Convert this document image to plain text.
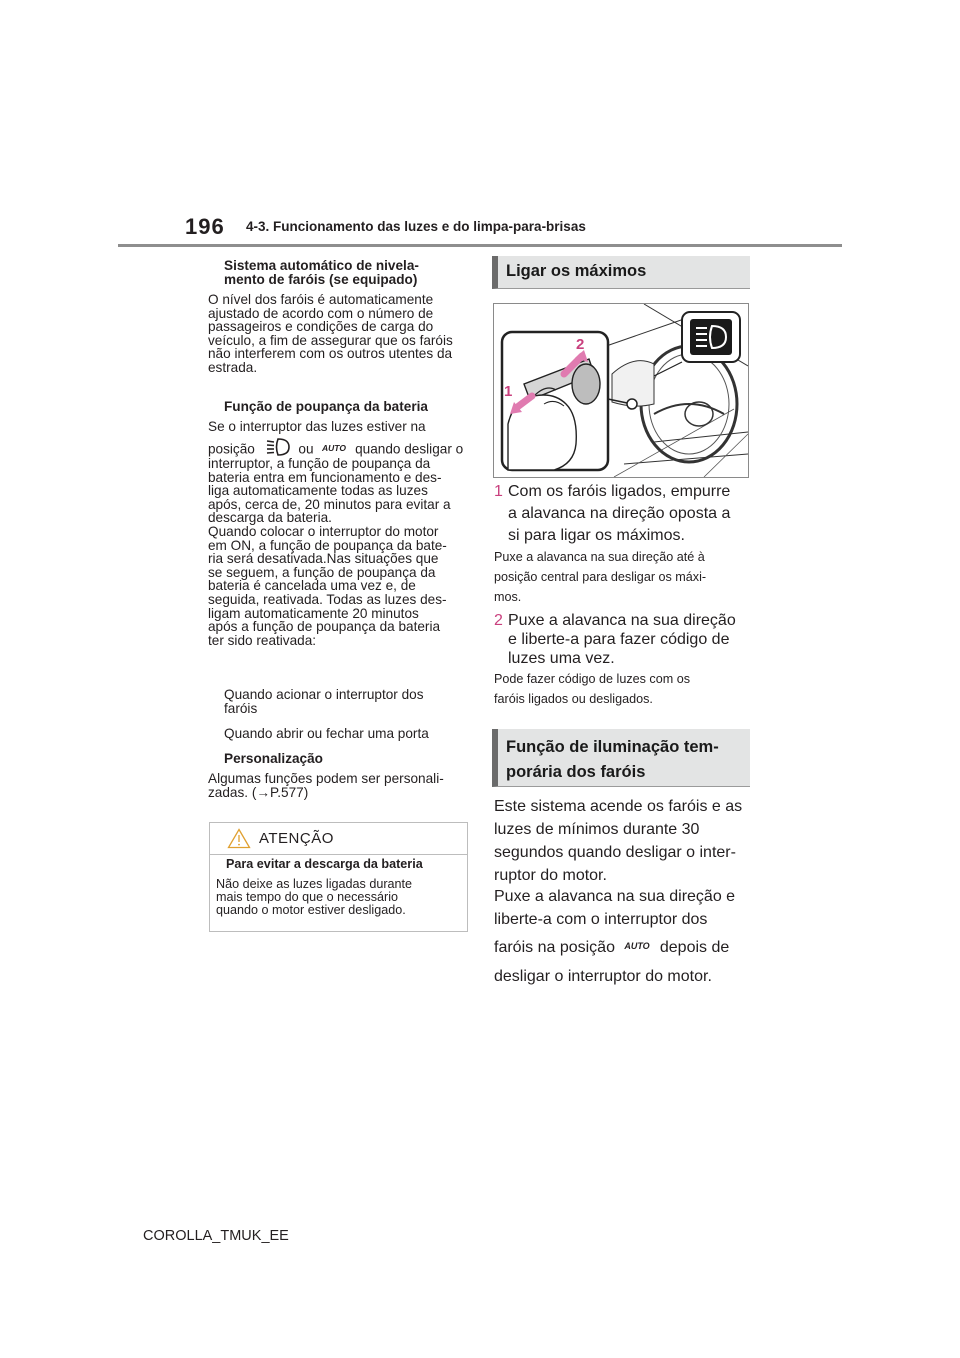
196 4-3. Funcionamento das luzes e do limpa-para-brisas
Sistema automático de nivela-
mento de faróis (se equipado)
O nível dos faróis é automaticamente
ajustado de acordo com o número de
passageiros e condições de carga do
veículo, a fim de assegurar que os faróis
não interferem com os outros utentes da
estrada.
Função de poupança da bateria
Se o interruptor das luzes estiver na
posição	ou AUTO quando desligar o
interruptor, a função de poupança da
bateria entra em funcionamento e des-
liga automaticamente todas as luzes
após, cerca de, 20 minutos para evitar a
descarga da bateria.
Quando colocar o interruptor do motor
em ON, a função de poupança da bate-
ria será desativada.Nas situações que
se seguem, a função de poupança da
bateria é cancelada uma vez e, de
seguida, reativada. Todas as luzes des-
ligam automaticamente 20 minutos
após a função de poupança da bateria
ter sido reativada:
Quando acionar o interruptor dos
faróis
Quando abrir ou fechar uma porta
Personalização
Algumas funções podem ser personali-
zadas. (→P.577)
ATENÇÃO
Para evitar a descarga da bateria
Não deixe as luzes ligadas durante
mais tempo do que o necessário
quando o motor estiver desligado.
Ligar os máximos
2
1
1 Com os faróis ligados, empurre
a alavanca na direção oposta a
si para ligar os máximos.
Puxe a alavanca na sua direção até à
posição central para desligar os máxi-
mos.
2 Puxe a alavanca na sua direção
e liberte-a para fazer código de
luzes uma vez.
Pode fazer código de luzes com os
faróis ligados ou desligados.
Função de iluminação tem-
porária dos faróis
Este sistema acende os faróis e as
luzes de mínimos durante 30
segundos quando desligar o inter-
ruptor do motor.
Puxe a alavanca na sua direção e
liberte-a com o interruptor dos
faróis na posição AUTO depois de
desligar o interruptor do motor.
COROLLA_TMUK_EE
